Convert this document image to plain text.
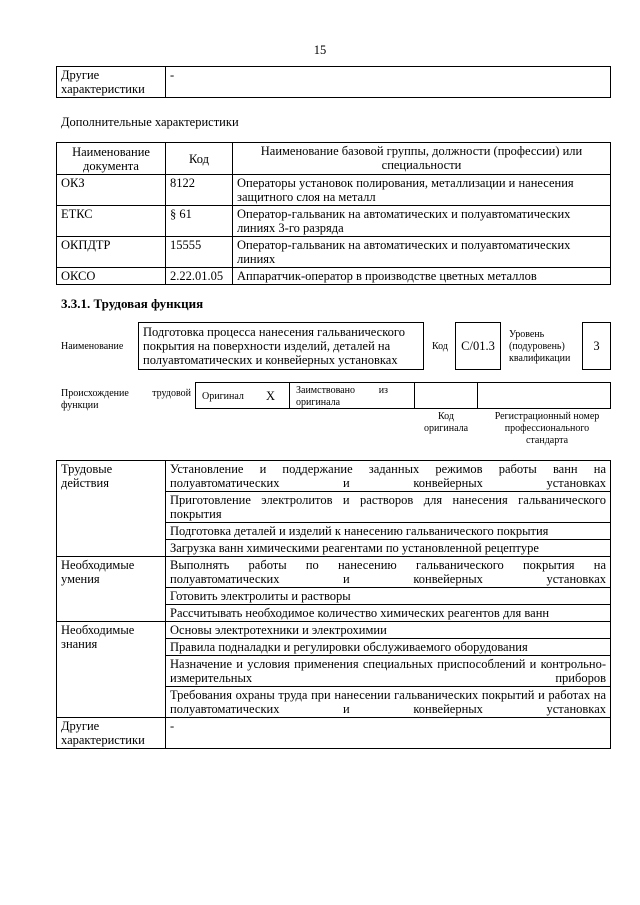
15
Другие характеристики	-
Дополнительные характеристики
Наименование документа	Код	Наименование базовой группы, должности (профессии) или специальности
ОКЗ	8122	Операторы установок полирования, металлизации и нанесения защитного слоя на металл
ЕТКС	§ 61	Оператор-гальваник на автоматических и полуавтоматических линиях 3-го разряда
ОКПДТР	15555	Оператор-гальваник на автоматических и полуавтоматических линиях
ОКСО	2.22.01.05	Аппаратчик-оператор в производстве цветных металлов
3.3.1. Трудовая функция
Наименование
Подготовка процесса нанесения гальванического покрытия на поверхности изделий, деталей на полуавтоматических и конвейерных установках
Код	C/01.3
Уровень (подуровень) квалификации
3
Происхождение трудовой функции
Оригинал X Заимствовано из оригинала
Код оригинала
Регистрационный номер профессионального стандарта
Трудовые действия	Установление и поддержание заданных режимов работы ванн на полуавтоматических и конвейерных установках
	Приготовление электролитов и растворов для нанесения гальванического покрытия
	Подготовка деталей и изделий к нанесению гальванического покрытия
	Загрузка ванн химическими реагентами по установленной рецептуре
Необходимые умения	Выполнять работы по нанесению гальванического покрытия на полуавтоматических и конвейерных установках
	Готовить электролиты и растворы
	Рассчитывать необходимое количество химических реагентов для ванн
Необходимые знания	Основы электротехники и электрохимии
	Правила подналадки и регулировки обслуживаемого оборудования
	Назначение и условия применения специальных приспособлений и контрольно-измерительных приборов
	Требования охраны труда при нанесении гальванических покрытий и работах на полуавтоматических и конвейерных установках
Другие характеристики	-
